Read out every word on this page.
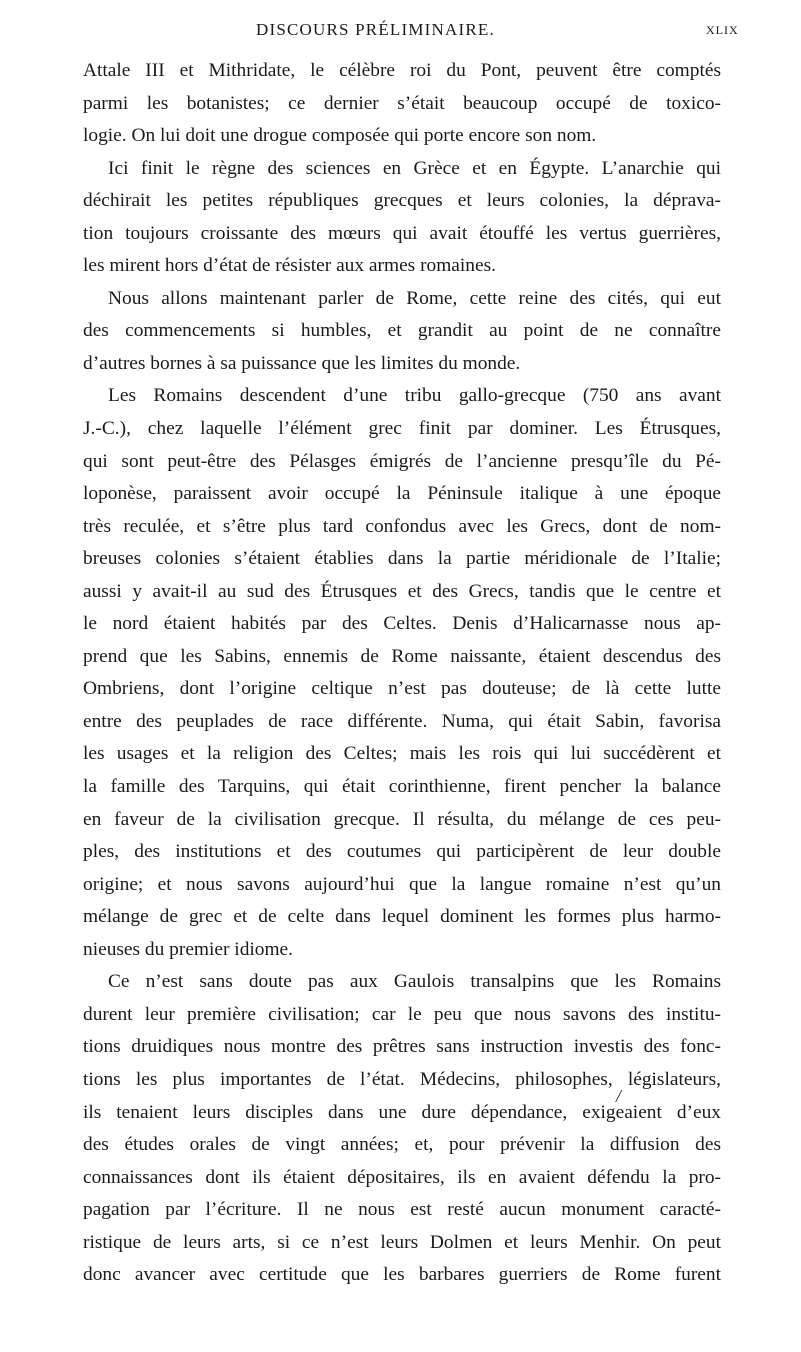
DISCOURS PRÉLIMINAIRE.	XLIX
Attale III et Mithridate, le célèbre roi du Pont, peuvent être comptés
parmi les botanistes; ce dernier s’était beaucoup occupé de toxico-
logie. On lui doit une drogue composée qui porte encore son nom.
Ici finit le règne des sciences en Grèce et en Égypte. L’anarchie qui
déchirait les petites républiques grecques et leurs colonies, la déprava-
tion toujours croissante des mœurs qui avait étouffé les vertus guerrières,
les mirent hors d’état de résister aux armes romaines.
Nous allons maintenant parler de Rome, cette reine des cités, qui eut
des commencements si humbles, et grandit au point de ne connaître
d’autres bornes à sa puissance que les limites du monde.
Les Romains descendent d’une tribu gallo-grecque (750 ans avant
J.-C.), chez laquelle l’élément grec finit par dominer. Les Étrusques,
qui sont peut-être des Pélasges émigrés de l’ancienne presqu’île du Pé-
loponèse, paraissent avoir occupé la Péninsule italique à une époque
très reculée, et s’être plus tard confondus avec les Grecs, dont de nom-
breuses colonies s’étaient établies dans la partie méridionale de l’Italie;
aussi y avait-il au sud des Étrusques et des Grecs, tandis que le centre et
le nord étaient habités par des Celtes. Denis d’Halicarnasse nous ap-
prend que les Sabins, ennemis de Rome naissante, étaient descendus des
Ombriens, dont l’origine celtique n’est pas douteuse; de là cette lutte
entre des peuplades de race différente. Numa, qui était Sabin, favorisa
les usages et la religion des Celtes; mais les rois qui lui succédèrent et
la famille des Tarquins, qui était corinthienne, firent pencher la balance
en faveur de la civilisation grecque. Il résulta, du mélange de ces peu-
ples, des institutions et des coutumes qui participèrent de leur double
origine; et nous savons aujourd’hui que la langue romaine n’est qu’un
mélange de grec et de celte dans lequel dominent les formes plus harmo-
nieuses du premier idiome.
Ce n’est sans doute pas aux Gaulois transalpins que les Romains
durent leur première civilisation; car le peu que nous savons des institu-
tions druidiques nous montre des prêtres sans instruction investis des fonc-
tions les plus importantes de l’état. Médecins, philosophes, législateurs,
ils tenaient leurs disciples dans une dure dépendance, exigeaient d’eux
des études orales de vingt années; et, pour prévenir la diffusion des
connaissances dont ils étaient dépositaires, ils en avaient défendu la pro-
pagation par l’écriture. Il ne nous est resté aucun monument caracté-
ristique de leurs arts, si ce n’est leurs Dolmen et leurs Menhir. On peut
donc avancer avec certitude que les barbares guerriers de Rome furent
/
